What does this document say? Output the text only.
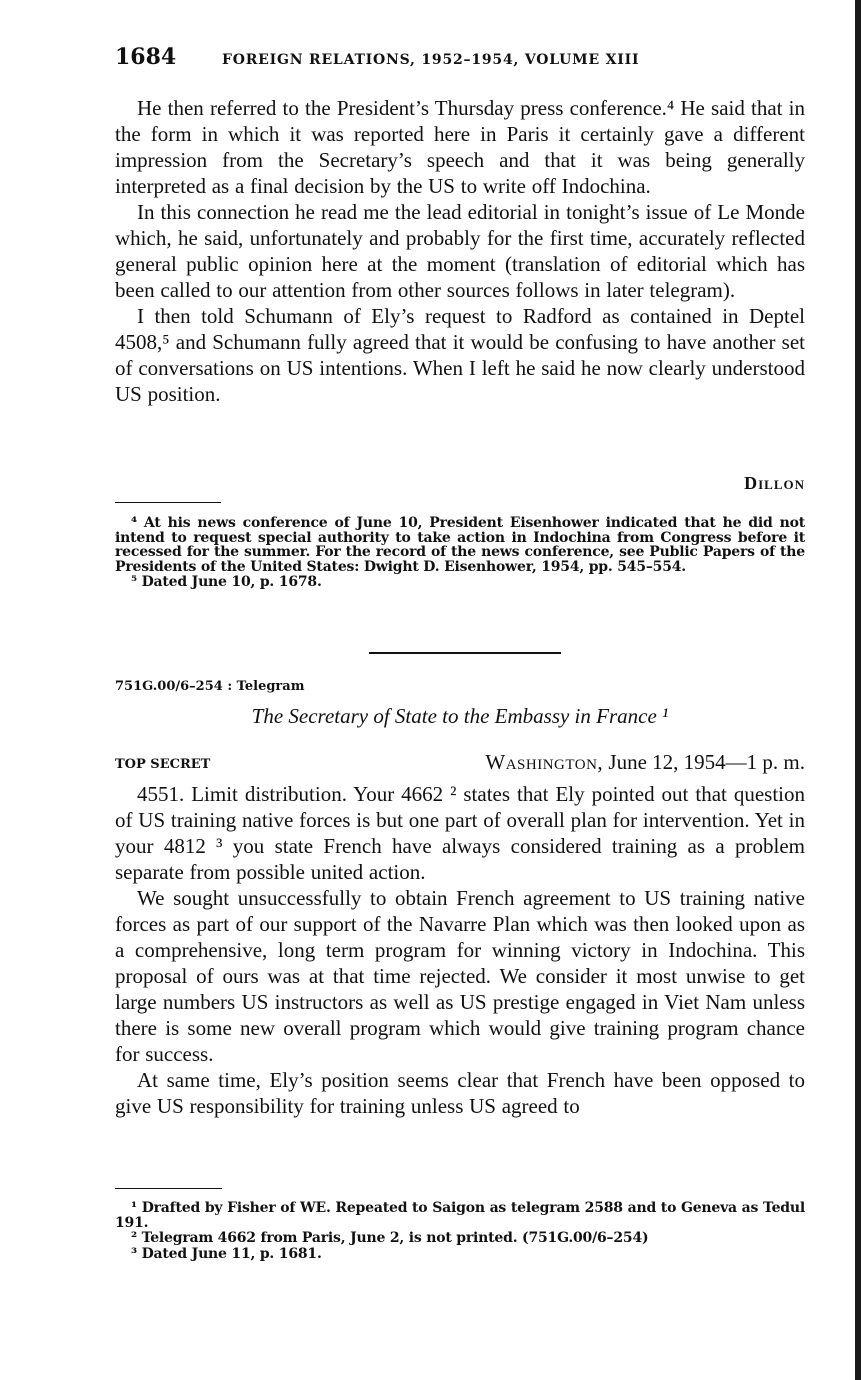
1684	FOREIGN RELATIONS, 1952–1954, VOLUME XIII

He then referred to the President’s Thursday press conference.⁴ He said that in the form in which it was reported here in Paris it certainly gave a different impression from the Secretary’s speech and that it was being generally interpreted as a final decision by the US to write off Indochina.

In this connection he read me the lead editorial in tonight’s issue of Le Monde which, he said, unfortunately and probably for the first time, accurately reflected general public opinion here at the moment (translation of editorial which has been called to our attention from other sources follows in later telegram).

I then told Schumann of Ely’s request to Radford as contained in Deptel 4508,⁵ and Schumann fully agreed that it would be confusing to have another set of conversations on US intentions. When I left he said he now clearly understood US position.

Dillon

⁴ At his news conference of June 10, President Eisenhower indicated that he did not intend to request special authority to take action in Indochina from Congress before it recessed for the summer. For the record of the news conference, see Public Papers of the Presidents of the United States: Dwight D. Eisenhower, 1954, pp. 545–554.

⁵ Dated June 10, p. 1678.

751G.00/6–254 : Telegram
The Secretary of State to the Embassy in France ¹
TOP SECRET	Washington, June 12, 1954—1 p. m.

4551. Limit distribution. Your 4662 ² states that Ely pointed out that question of US training native forces is but one part of overall plan for intervention. Yet in your 4812 ³ you state French have always considered training as a problem separate from possible united action.

We sought unsuccessfully to obtain French agreement to US training native forces as part of our support of the Navarre Plan which was then looked upon as a comprehensive, long term program for winning victory in Indochina. This proposal of ours was at that time rejected. We consider it most unwise to get large numbers US instructors as well as US prestige engaged in Viet Nam unless there is some new overall program which would give training program chance for success.

At same time, Ely’s position seems clear that French have been opposed to give US responsibility for training unless US agreed to

¹ Drafted by Fisher of WE. Repeated to Saigon as telegram 2588 and to Geneva as Tedul 191.

² Telegram 4662 from Paris, June 2, is not printed. (751G.00/6–254)

³ Dated June 11, p. 1681.
